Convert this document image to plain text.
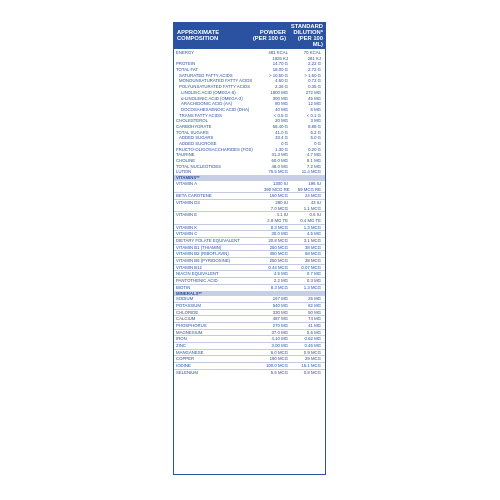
APPROXIMATE
COMPOSITION
POWDER
(PER 100 G)
STANDARD
DILUTION*
(PER 100 ML)
ENERGY	481 KCAL	70 KCAL
1925 KJ	281 KJ
PROTEIN	14.70 G	2.22 G
TOTAL FAT	18.00 G	2.72 G
SATURATED FATTY ACIDS	> 10.50 G	> 1.60 G
MONOUNSATURATED FATTY ACIDS	4.60 G	0.72 G
POLYUNSATURATED FATTY ACIDS	2.36 G	0.35 G
LINOLEIC ACID (OMEGA-6)	1800 MG	272 MG
α-LINOLENIC ACID (OMEGA-3)	300 MG	45 MG
ARACHIDONIC ACID (AA)	80 MG	12 MG
DOCOSAHEXAENOIC ACID (DHA)	40 MG	6 MG
TRANS FATTY ACIDS	< 0.5 G	< 0.1 G
CHOLESTEROL	20 MG	3 MG
CARBOHYDRATE	58.40 G	8.88 G
TOTAL SUGARS	41.0 G	6.2 G
ADDED SUGARS	33.4 G	5.0 G
ADDED SUCROSE	0 G	0 G
FRUCTO-OLIGOSACCHARIDES (FOS)	1.30 G	0.20 G
TAURINE	31.3 MG	4.7 MG
CHOLINE	60.0 MG	9.1 MG
TOTAL NUCLEOTIDES	48.0 MG	7.2 MG
LUTEIN	75.5 MCG	11.4 MCG
VITAMINS**
VITAMIN A	1300 IU	196 IU
390 MCG RE	59 MCG RE
BETA CAROTENE	160 MCG	24 MCG
VITAMIN D3	280 IU	43 IU
7.0 MCG	1.1 MCG
VITAMIN E	4.1 IU	0.6 IU
2.8 MG TE	0.4 MG TE
VITAMIN K	8.3 MCG	1.3 MCG
VITAMIN C	30.0 MG	4.5 MG
DIETARY FOLATE EQUIVALENT	20.8 MCG	3.1 MCG
VITAMIN B1 (THIAMIN)	250 MCG	38 MCG
VITAMIN B2 (RIBOFLAVIN)	450 MCG	68 MCG
VITAMIN B6 (PYRIDOXINE)	250 MCG	38 MCG
VITAMIN B12	0.44 MCG	0.07 MCG
NIACIN EQUIVALENT	4.5 MG	0.7 MG
PANTOTHENIC ACID	2.2 MG	0.3 MG
BIOTIN	8.3 MCG	1.3 MCG
MINERALS**
SODIUM	167 MG	25 MG
POTASSIUM	540 MG	82 MG
CHLORIDE	330 MG	50 MG
CALCIUM	487 MG	74 MG
PHOSPHORUS	270 MG	41 MG
MAGNESIUM	37.0 MG	5.6 MG
IRON	4.10 MG	0.62 MG
ZINC	3.00 MG	0.45 MG
MANGANESE	6.0 MCG	0.9 MCG
COPPER	190 MCG	29 MCG
IODINE	100.0 MCG	15.1 MCG
SELENIUM	5.6 MCG	0.8 MCG
